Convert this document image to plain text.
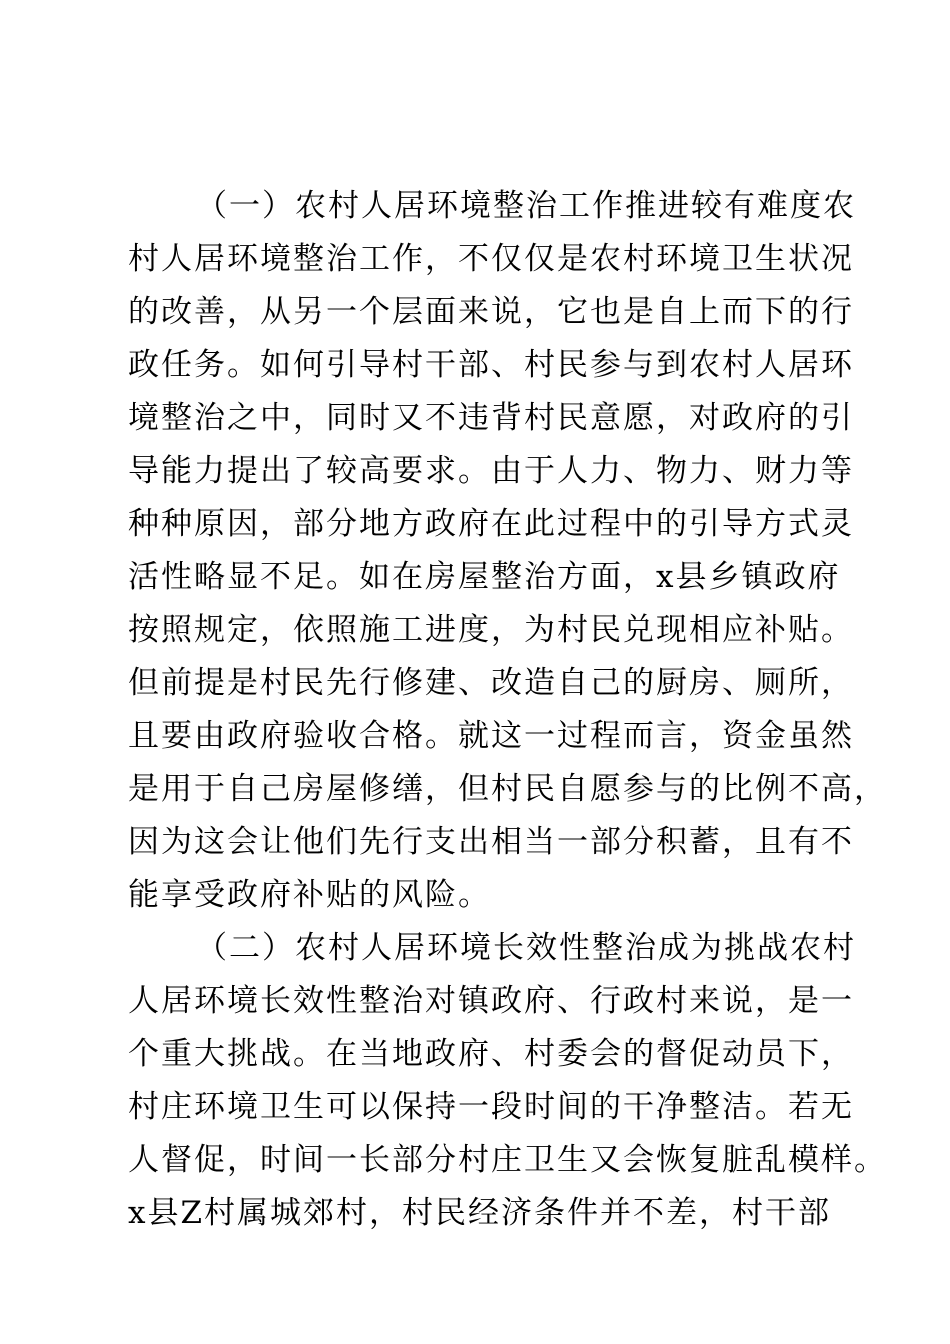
（一）农村人居环境整治工作推进较有难度农
村人居环境整治工作，不仅仅是农村环境卫生状况
的改善，从另一个层面来说，它也是自上而下的行
政任务。如何引导村干部、村民参与到农村人居环
境整治之中，同时又不违背村民意愿，对政府的引
导能力提出了较高要求。由于人力、物力、财力等
种种原因，部分地方政府在此过程中的引导方式灵
活性略显不足。如在房屋整治方面，x县乡镇政府
按照规定，依照施工进度，为村民兑现相应补贴。
但前提是村民先行修建、改造自己的厨房、厕所，
且要由政府验收合格。就这一过程而言，资金虽然
是用于自己房屋修缮，但村民自愿参与的比例不高，
因为这会让他们先行支出相当一部分积蓄，且有不
能享受政府补贴的风险。
（二）农村人居环境长效性整治成为挑战农村
人居环境长效性整治对镇政府、行政村来说，是一
个重大挑战。在当地政府、村委会的督促动员下，
村庄环境卫生可以保持一段时间的干净整洁。若无
人督促，时间一长部分村庄卫生又会恢复脏乱模样。
x县Z村属城郊村，村民经济条件并不差，村干部
